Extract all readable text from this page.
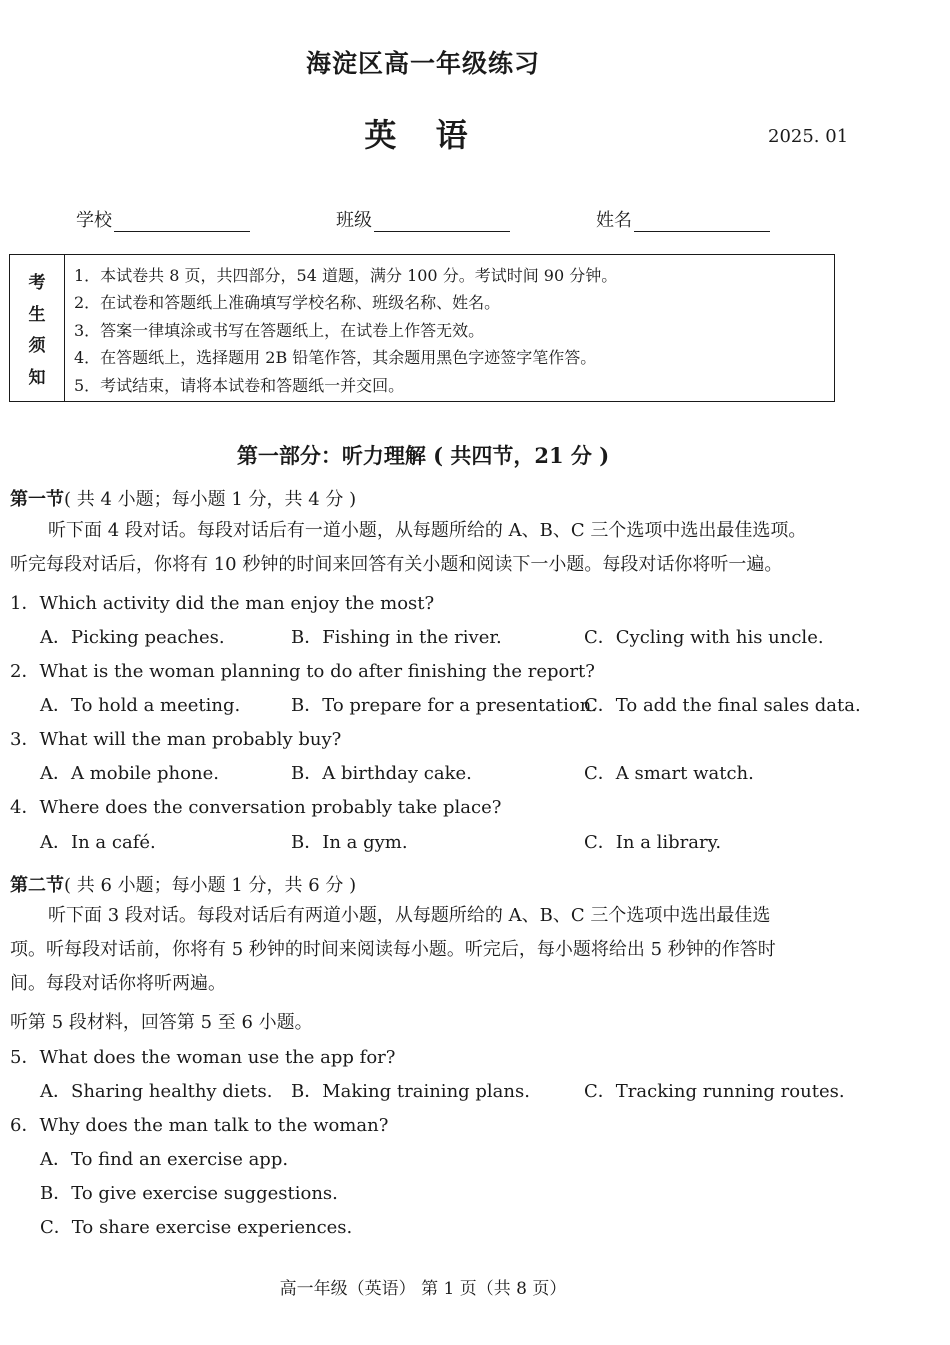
海淀区高一年级练习
英 语	2025. 01
学校	班级	姓名
考
生
须
知
1．本试卷共 8 页，共四部分，54 道题，满分 100 分。考试时间 90 分钟。
2．在试卷和答题纸上准确填写学校名称、班级名称、姓名。
3．答案一律填涂或书写在答题纸上，在试卷上作答无效。
4．在答题纸上，选择题用 2B 铅笔作答，其余题用黑色字迹签字笔作答。
5．考试结束，请将本试卷和答题纸一并交回。
第一部分：听力理解 ( 共四节，21 分 )
第一节( 共 4 小题；每小题 1 分，共 4 分 )
听下面 4 段对话。每段对话后有一道小题，从每题所给的 A、B、C 三个选项中选出最佳选项。
听完每段对话后，你将有 10 秒钟的时间来回答有关小题和阅读下一小题。每段对话你将听一遍。
1．Which activity did the man enjoy the most?
A．Picking peaches.	B．Fishing in the river.	C．Cycling with his uncle.
2．What is the woman planning to do after finishing the report?
A．To hold a meeting.	B．To prepare for a presentation.
C．To add the final sales data.
3．What will the man probably buy?
A．A mobile phone.	B．A birthday cake.	C．A smart watch.
4．Where does the conversation probably take place?
A．In a café.	B．In a gym.	C．In a library.
第二节( 共 6 小题；每小题 1 分，共 6 分 )
听下面 3 段对话。每段对话后有两道小题，从每题所给的 A、B、C 三个选项中选出最佳选
项。听每段对话前，你将有 5 秒钟的时间来阅读每小题。听完后，每小题将给出 5 秒钟的作答时
间。每段对话你将听两遍。
听第 5 段材料，回答第 5 至 6 小题。
5．What does the woman use the app for?
A．Sharing healthy diets. B．Making training plans.	C．Tracking running routes.
6．Why does the man talk to the woman?
A．To find an exercise app.
B．To give exercise suggestions.
C．To share exercise experiences.
高一年级（英语） 第 1 页（共 8 页）
